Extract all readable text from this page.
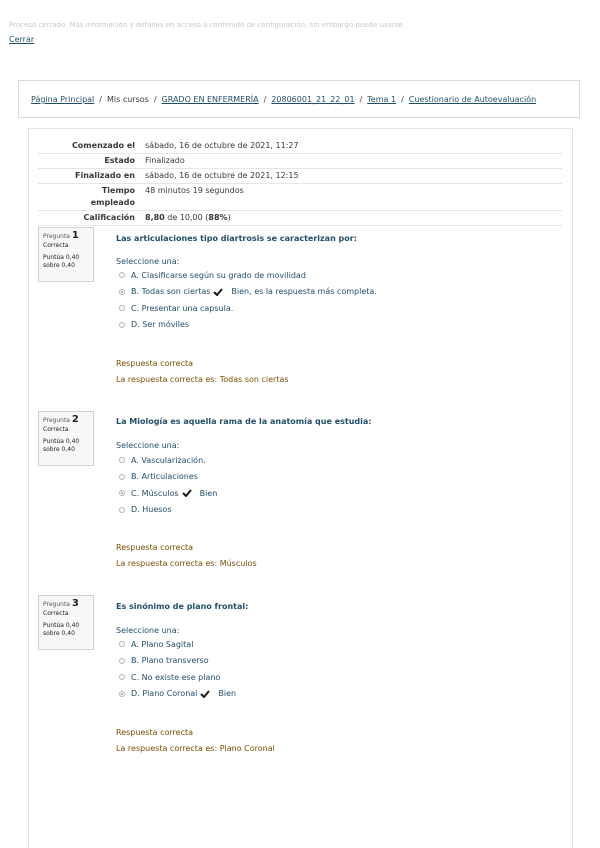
Proceso cerrado. Más información y detalles en acceso a contenido de configuración, sin embargo puede usarse.
Cerrar
Página Principal / Mis cursos / GRADO EN ENFERMERÍA / 20806001_21_22_01 / Tema 1 / Cuestionario de Autoevaluación
Comenzado el	sábado, 16 de octubre de 2021, 11:27
Estado	Finalizado
Finalizado en	sábado, 16 de octubre de 2021, 12:15
Tiempo empleado	48 minutos 19 segundos
Calificación	8,80 de 10,00 (88%)
Pregunta 1
Correcta
Puntúa 0,40 sobre 0,40
Las articulaciones tipo diartrosis se caracterizan por:
Seleccione una:
A. Clasificarse según su grado de movilidad
B. Todas son ciertas	Bien, es la respuesta más completa.
C. Presentar una capsula.
D. Ser móviles
Respuesta correcta
La respuesta correcta es: Todas son ciertas
Pregunta 2
Correcta
Puntúa 0,40 sobre 0,40
La Miología es aquella rama de la anatomía que estudia:
Seleccione una:
A. Vascularización.
B. Articulaciones
C. Músculos	Bien
D. Huesos
Respuesta correcta
La respuesta correcta es: Músculos
Pregunta 3
Correcta
Puntúa 0,40 sobre 0,40
Es sinónimo de plano frontal:
Seleccione una:
A. Plano Sagital
B. Plano transverso
C. No existe ese plano
D. Plano Coronal	Bien
Respuesta correcta
La respuesta correcta es: Plano Coronal
